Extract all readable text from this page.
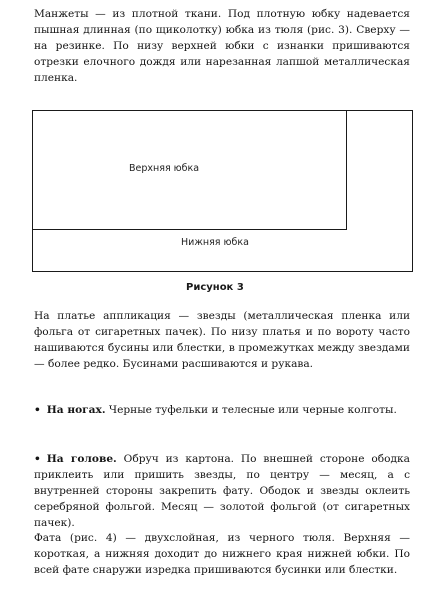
Манжеты — из плотной ткани. Под плотную юбку надевается пышная длинная (по щиколотку) юбка из тюля (рис. 3). Сверху — на резинке. По низу верхней юбки с изнанки пришиваются отрезки елочного дождя или нарезанная лапшой металлическая пленка.

Верхняя юбка
Нижняя юбка
Рисунок 3

На платье аппликация — звезды (металлическая пленка или фольга от сигаретных пачек). По низу платья и по вороту часто нашиваются бусины или блестки, в промежутках между звездами — более редко. Бусинами расшиваются и рукава.

• На ногах. Черные туфельки и телесные или черные колготы.

• На голове. Обруч из картона. По внешней стороне ободка приклеить или пришить звезды, по центру — месяц, а с внутренней стороны закрепить фату. Ободок и звезды оклеить серебряной фольгой. Месяц — золотой фольгой (от сигаретных пачек).

Фата (рис. 4) — двухслойная, из черного тюля. Верхняя — короткая, а нижняя доходит до нижнего края нижней юбки. По всей фате снаружи изредка пришиваются бусинки или блестки.
